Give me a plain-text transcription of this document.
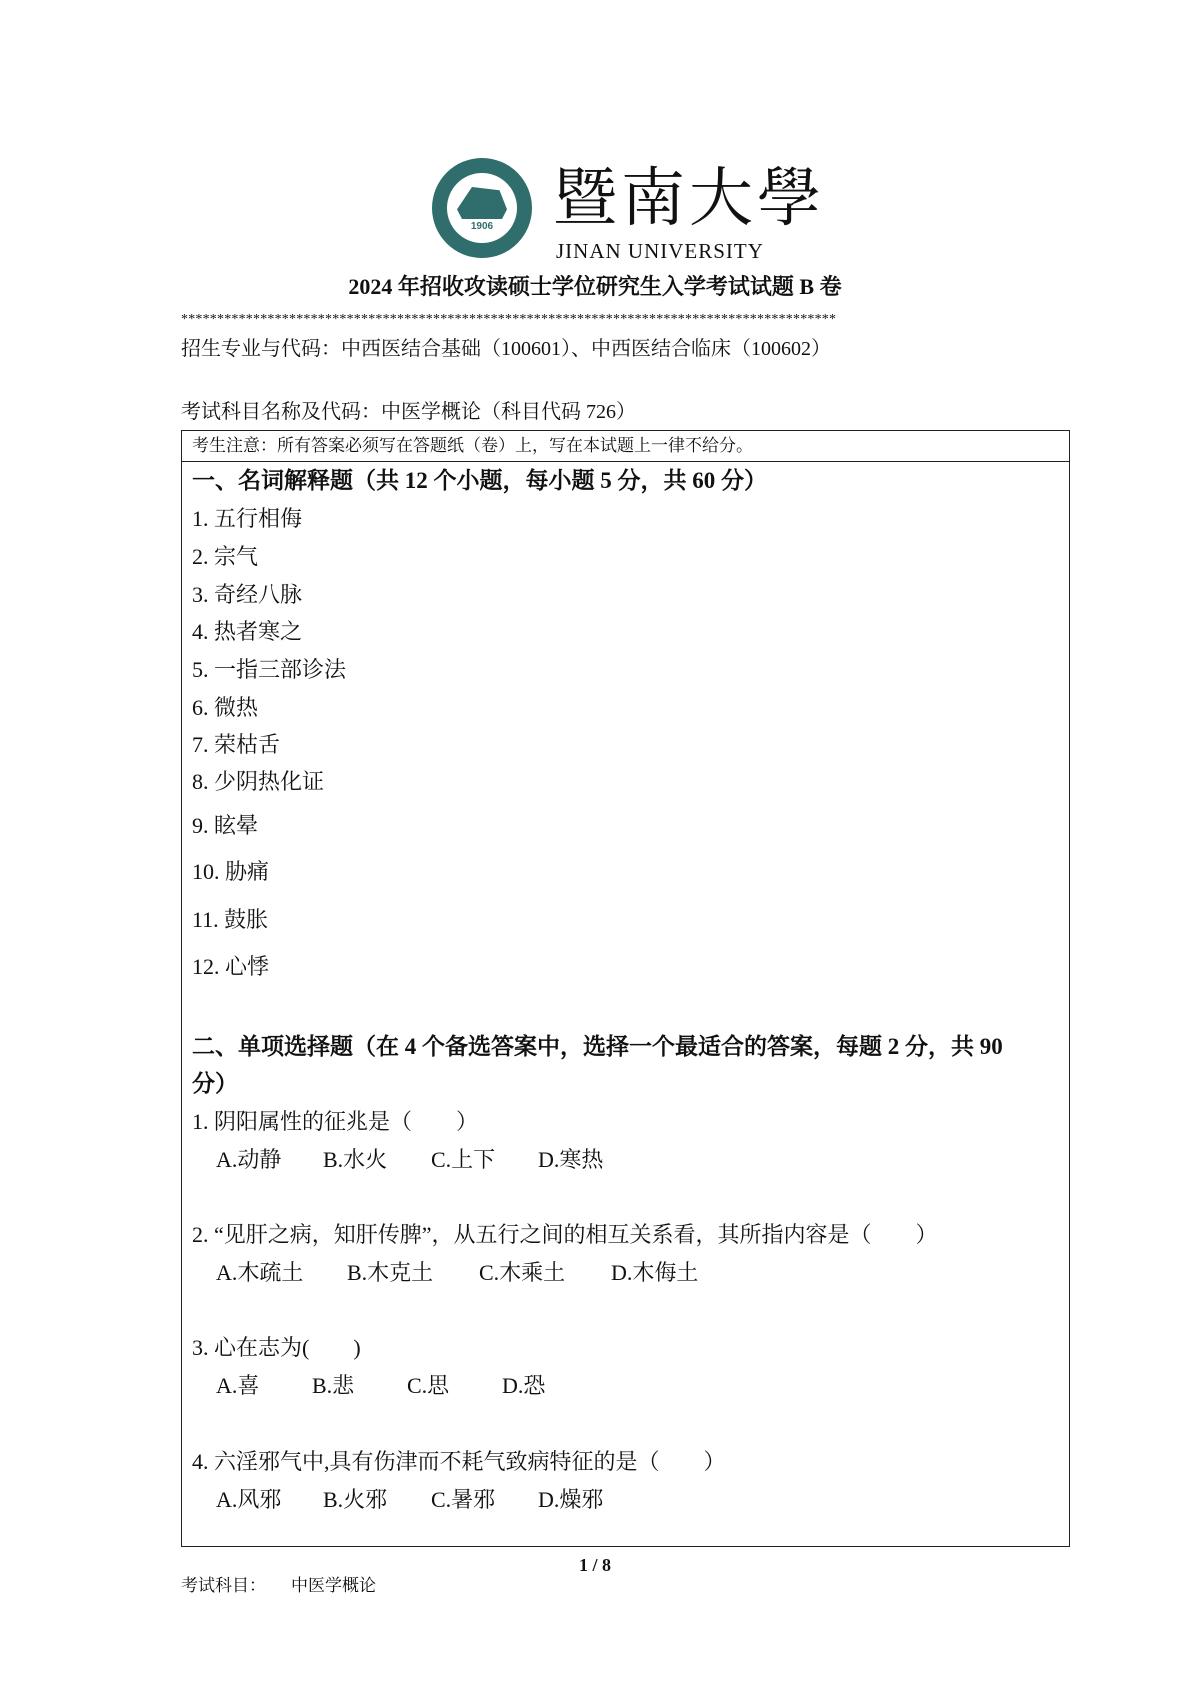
1906 暨南大學
JINAN UNIVERSITY
2024 年招收攻读硕士学位研究生入学考试试题 B 卷
*******************************************************************************************
招生专业与代码：中西医结合基础（100601）、中西医结合临床（100602）
考试科目名称及代码：中医学概论（科目代码 726）
考生注意：所有答案必须写在答题纸（卷）上，写在本试题上一律不给分。
一、名词解释题（共 12 个小题，每小题 5 分，共 60 分）
二、单项选择题（在 4 个备选答案中，选择一个最适合的答案，每题 2 分，共 90
分）
1 / 8
考试科目： 中医学概论
1. 五行相侮
2. 宗气
3. 奇经八脉
4. 热者寒之
5. 一指三部诊法
6. 微热
7. 荣枯舌
8. 少阴热化证
9. 眩晕
10. 胁痛
11. 鼓胀
12. 心悸
1. 阴阳属性的征兆是（　　）
A.动静 B.水火 C.上下 D.寒热
2. “见肝之病，知肝传脾”，从五行之间的相互关系看，其所指内容是（　　）
A.木疏土 B.木克土 C.木乘土 D.木侮土
3. 心在志为(　　)
A.喜 B.悲 C.思 D.恐
4. 六淫邪气中,具有伤津而不耗气致病特征的是（　　）
A.风邪 B.火邪 C.暑邪 D.燥邪
